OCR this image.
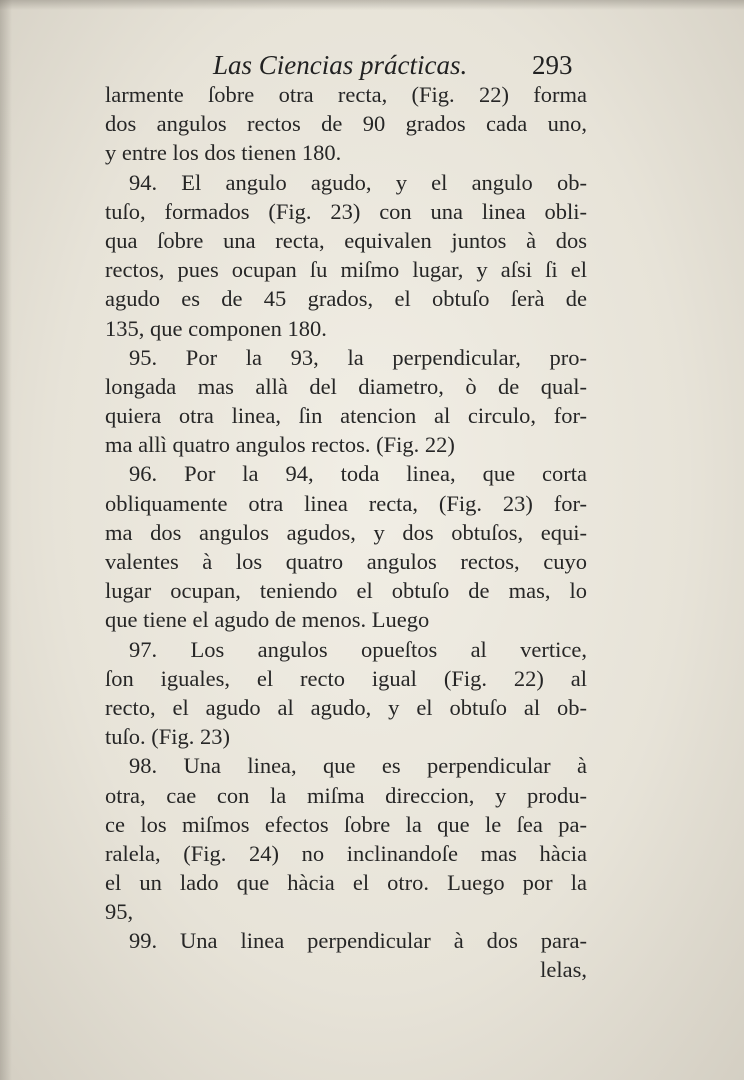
Las Ciencias prácticas. 293
larmente ſobre otra recta, (Fig. 22) forma
dos angulos rectos de 90 grados cada uno,
y entre los dos tienen 180.
94. El angulo agudo, y el angulo ob-
tuſo, formados (Fig. 23) con una linea obli-
qua ſobre una recta, equivalen juntos à dos
rectos, pues ocupan ſu miſmo lugar, y aſsi ſi el
agudo es de 45 grados, el obtuſo ſerà de
135, que componen 180.
95. Por la 93, la perpendicular, pro-
longada mas allà del diametro, ò de qual-
quiera otra linea, ſin atencion al circulo, for-
ma allì quatro angulos rectos. (Fig. 22)
96. Por la 94, toda linea, que corta
obliquamente otra linea recta, (Fig. 23) for-
ma dos angulos agudos, y dos obtuſos, equi-
valentes à los quatro angulos rectos, cuyo
lugar ocupan, teniendo el obtuſo de mas, lo
que tiene el agudo de menos. Luego
97. Los angulos opueſtos al vertice,
ſon iguales, el recto igual (Fig. 22) al
recto, el agudo al agudo, y el obtuſo al ob-
tuſo. (Fig. 23)
98. Una linea, que es perpendicular à
otra, cae con la miſma direccion, y produ-
ce los miſmos efectos ſobre la que le ſea pa-
ralela, (Fig. 24) no inclinandoſe mas hàcia
el un lado que hàcia el otro. Luego por la
95,
99. Una linea perpendicular à dos para-
lelas,
